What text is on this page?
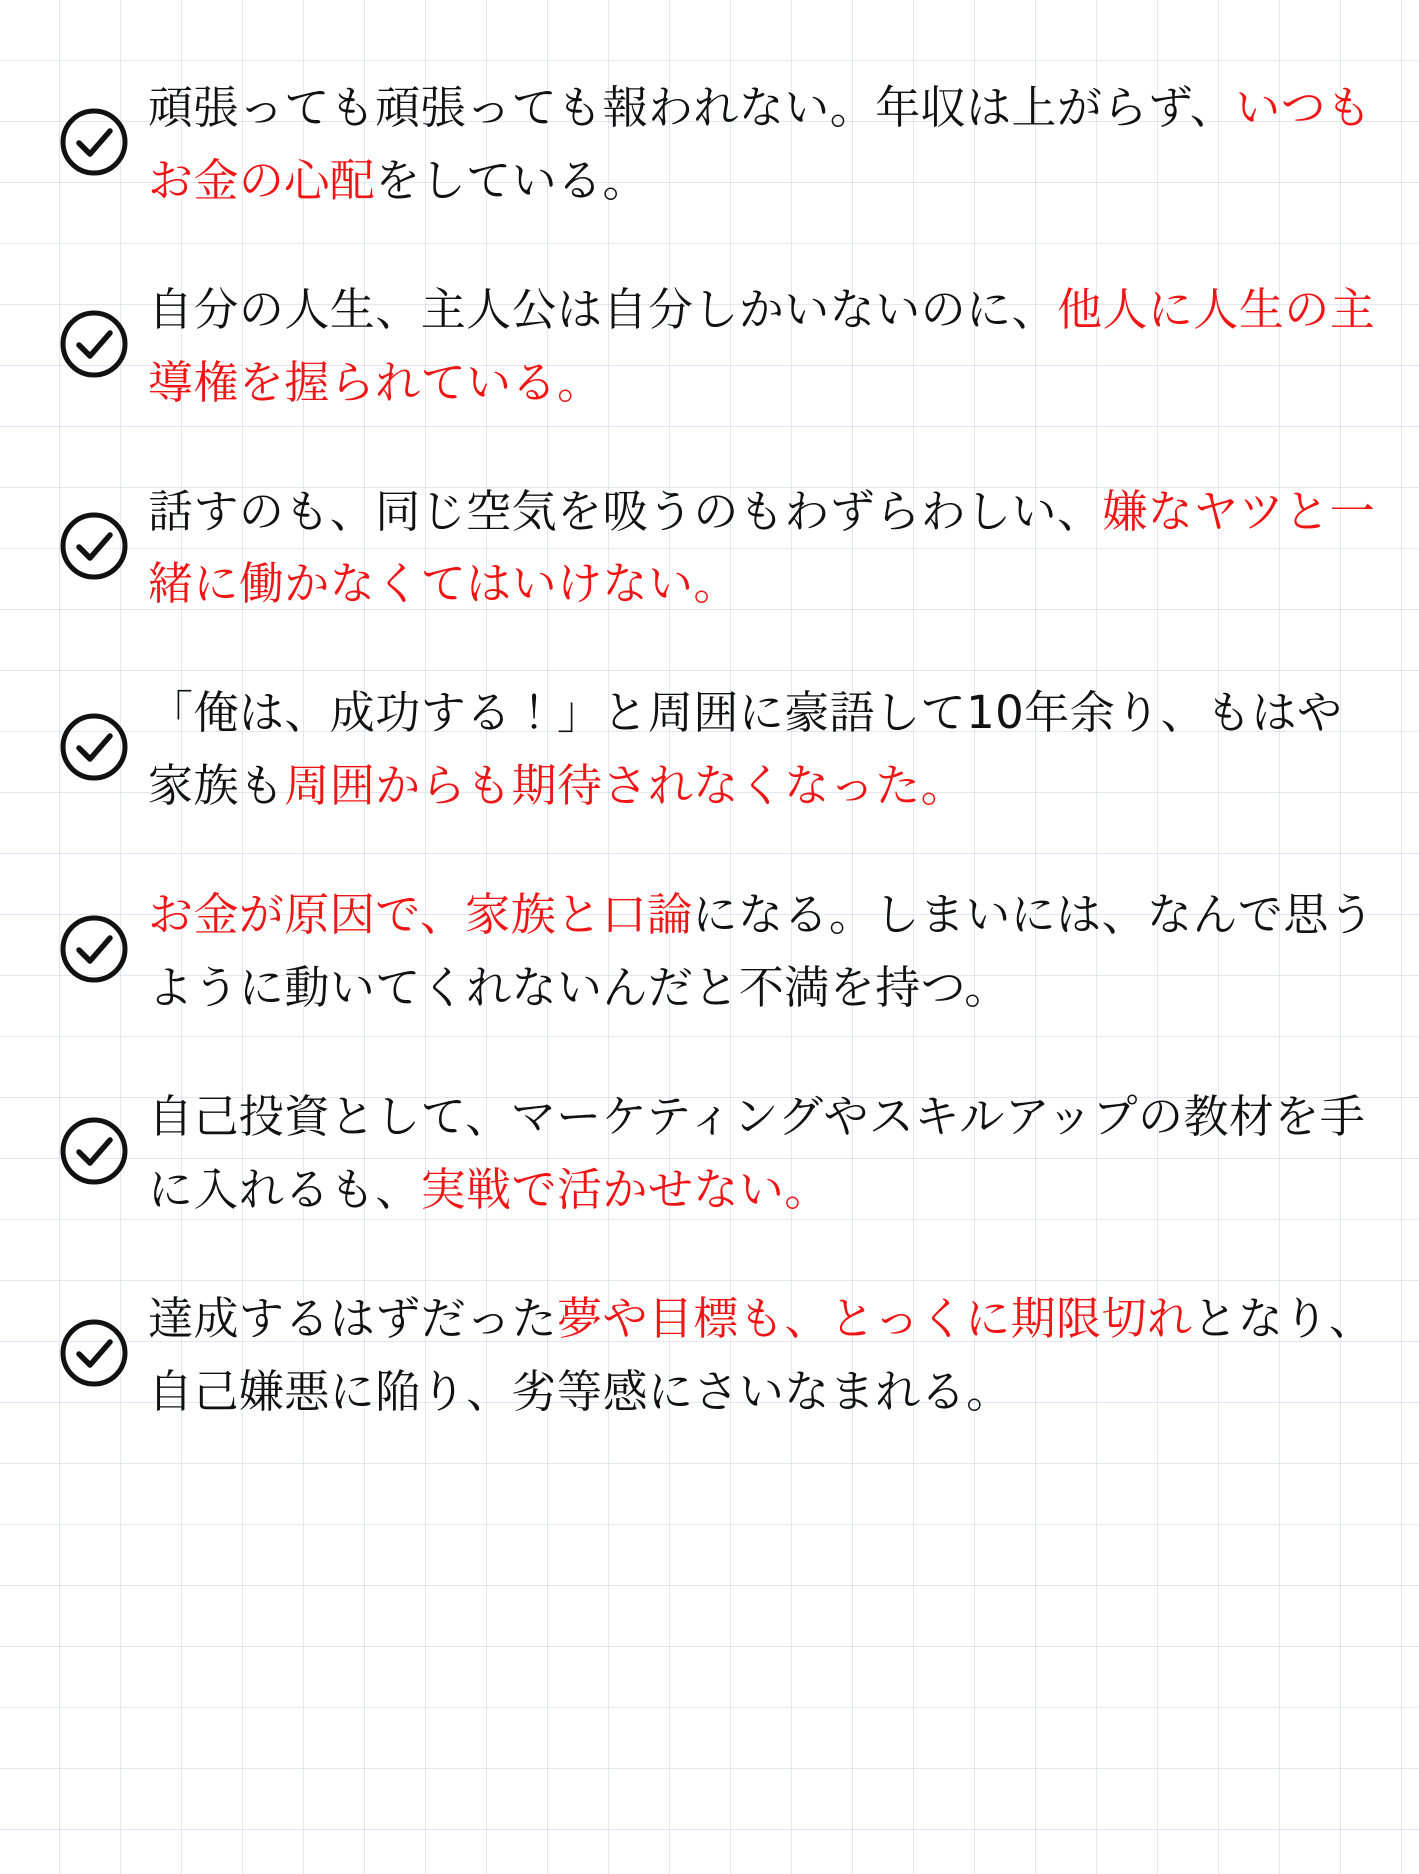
頑張っても頑張っても報われない。年収は上がらず、いつもお金の心配をしている。
自分の人生、主人公は自分しかいないのに、他人に人生の主導権を握られている。
話すのも、同じ空気を吸うのもわずらわしい、嫌なヤツと一緒に働かなくてはいけない。
「俺は、成功する！」と周囲に豪語して10年余り、もはや家族も周囲からも期待されなくなった。
お金が原因で、家族と口論になる。しまいには、なんで思うように動いてくれないんだと不満を持つ。
自己投資として、マーケティングやスキルアップの教材を手に入れるも、実戦で活かせない。
達成するはずだった夢や目標も、とっくに期限切れとなり、自己嫌悪に陥り、劣等感にさいなまれる。
